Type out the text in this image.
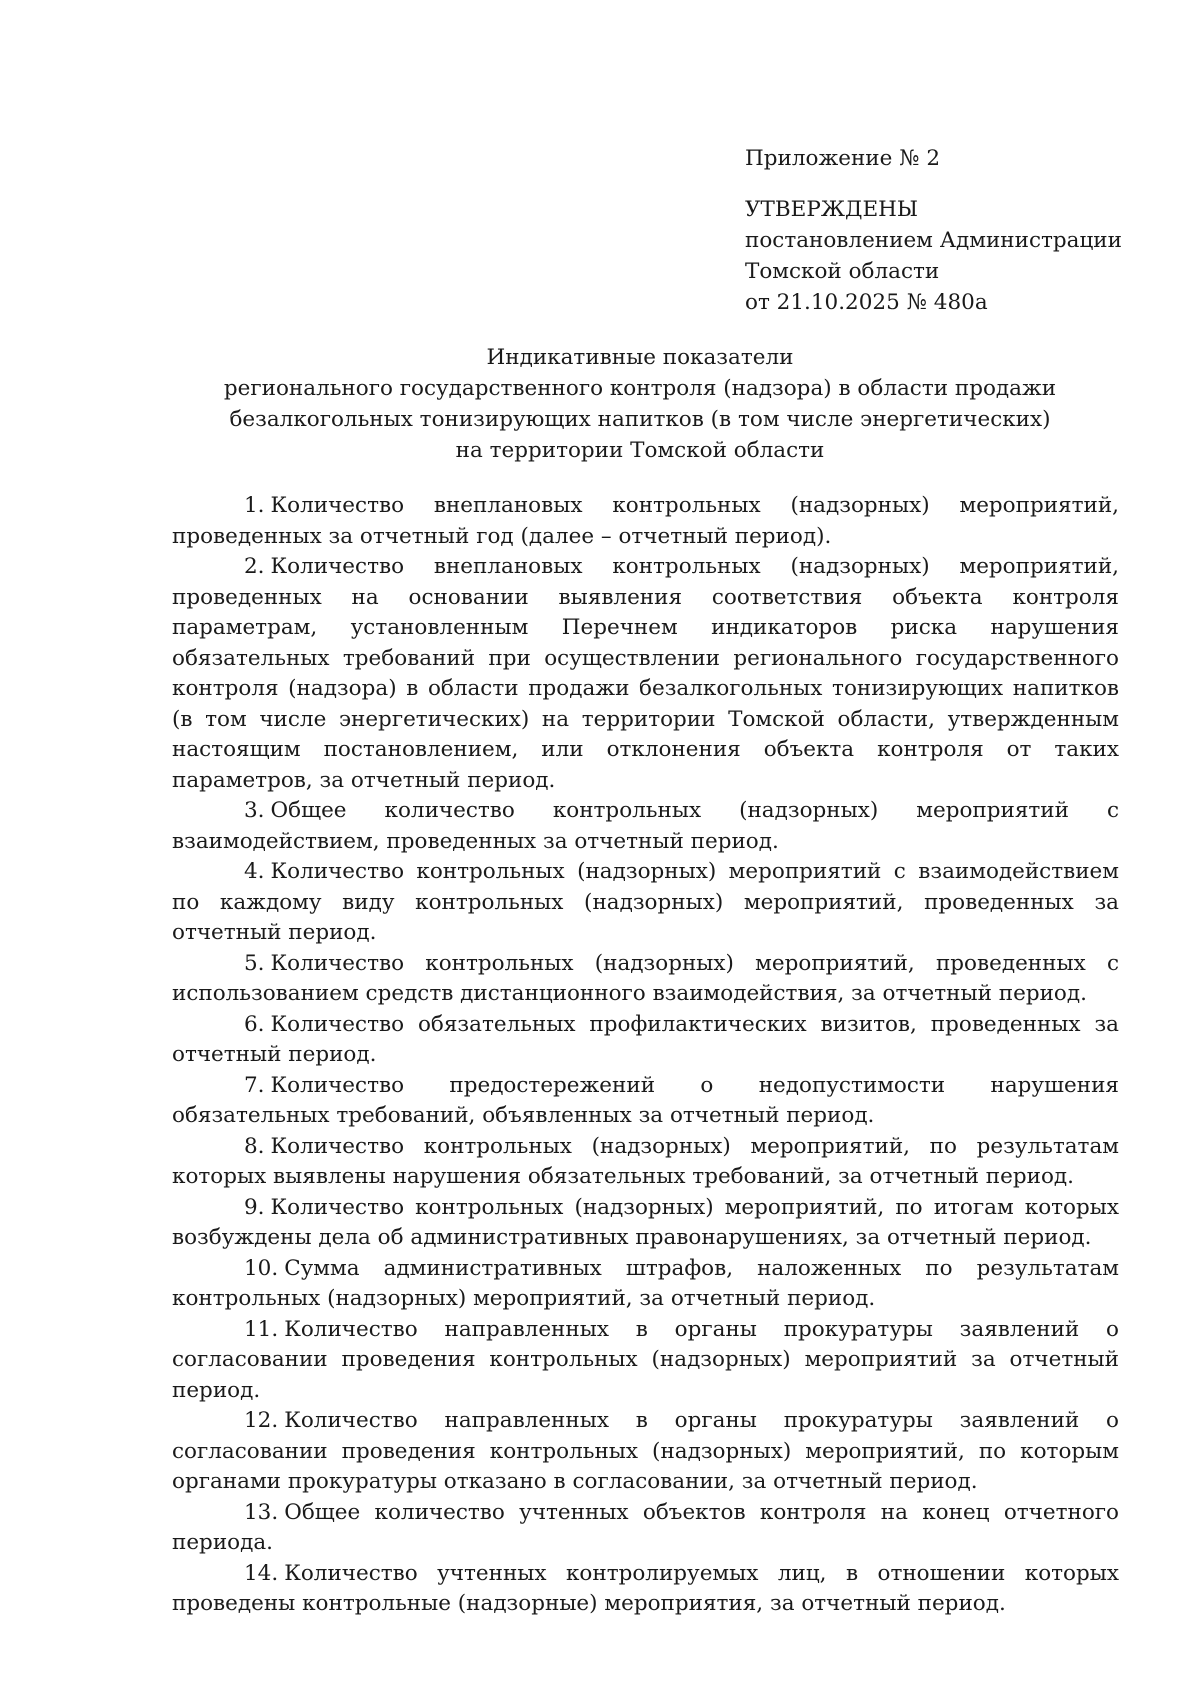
Приложение № 2
УТВЕРЖДЕНЫ
постановлением Администрации
Томской области
от 21.10.2025 № 480а
Индикативные показатели
регионального государственного контроля (надзора) в области продажи
безалкогольных тонизирующих напитков (в том числе энергетических)
на территории Томской области

1. Количество внеплановых контрольных (надзорных) мероприятий, проведенных за отчетный год (далее – отчетный период).

2. Количество внеплановых контрольных (надзорных) мероприятий, проведенных на основании выявления соответствия объекта контроля параметрам, установленным Перечнем индикаторов риска нарушения обязательных требований при осуществлении регионального государственного контроля (надзора) в области продажи безалкогольных тонизирующих напитков (в том числе энергетических) на территории Томской области, утвержденным настоящим постановлением, или отклонения объекта контроля от таких параметров, за отчетный период.

3. Общее количество контрольных (надзорных) мероприятий с взаимодействием, проведенных за отчетный период.

4. Количество контрольных (надзорных) мероприятий с взаимодействием по каждому виду контрольных (надзорных) мероприятий, проведенных за отчетный период.

5. Количество контрольных (надзорных) мероприятий, проведенных с использованием средств дистанционного взаимодействия, за отчетный период.

6. Количество обязательных профилактических визитов, проведенных за отчетный период.

7. Количество предостережений о недопустимости нарушения обязательных требований, объявленных за отчетный период.

8. Количество контрольных (надзорных) мероприятий, по результатам которых выявлены нарушения обязательных требований, за отчетный период.

9. Количество контрольных (надзорных) мероприятий, по итогам которых возбуждены дела об административных правонарушениях, за отчетный период.

10. Сумма административных штрафов, наложенных по результатам контрольных (надзорных) мероприятий, за отчетный период.

11. Количество направленных в органы прокуратуры заявлений о согласовании проведения контрольных (надзорных) мероприятий за отчетный период.

12. Количество направленных в органы прокуратуры заявлений о согласовании проведения контрольных (надзорных) мероприятий, по которым органами прокуратуры отказано в согласовании, за отчетный период.

13. Общее количество учтенных объектов контроля на конец отчетного периода.

14. Количество учтенных контролируемых лиц, в отношении которых проведены контрольные (надзорные) мероприятия, за отчетный период.
